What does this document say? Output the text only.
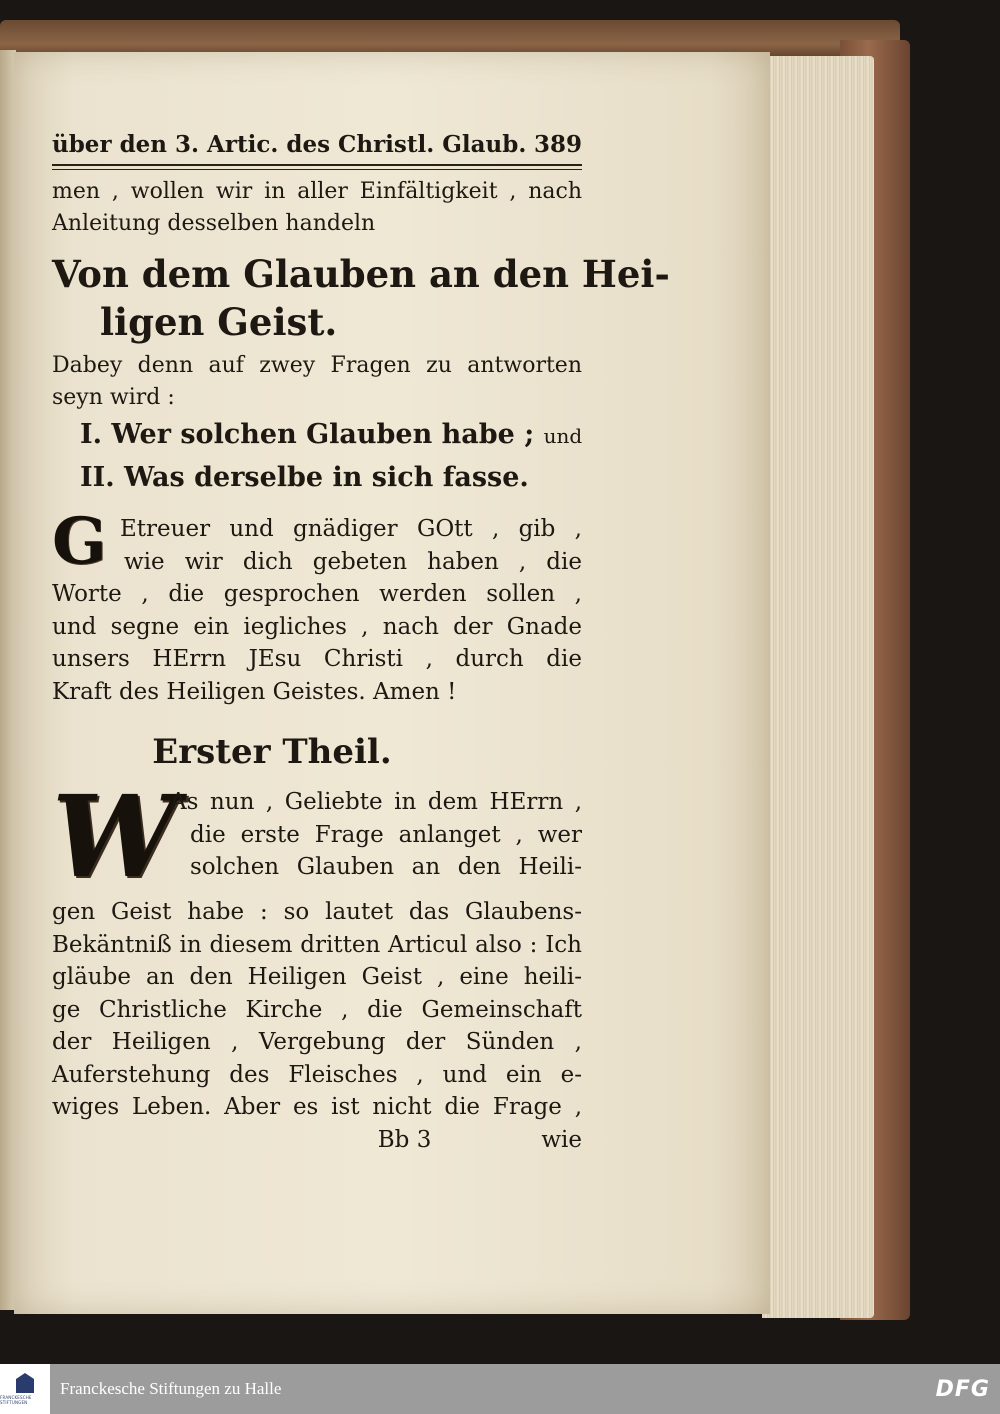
über den 3. Artic. des Christl. Glaub. 389
men , wollen wir in aller Einfältigkeit , nach
Anleitung desselben handeln
Von dem Glauben an den Hei-
ligen Geist.
Dabey denn auf zwey Fragen zu antworten
seyn wird :
I. Wer solchen Glauben habe ; und
II. Was derselbe in sich fasse.
G Etreuer und gnädiger GOtt , gib ,
wie wir dich gebeten haben , die
Worte , die gesprochen werden sollen ,
und segne ein iegliches , nach der Gnade
unsers HErrn JEsu Christi , durch die
Kraft des Heiligen Geistes. Amen !
Erster Theil.
W
As nun , Geliebte in dem HErrn ,
die erste Frage anlanget , wer
solchen Glauben an den Heili-
gen Geist habe : so lautet das Glaubens-
Bekäntniß in diesem dritten Articul also : Ich
gläube an den Heiligen Geist , eine heili-
ge Christliche Kirche , die Gemeinschaft
der Heiligen , Vergebung der Sünden ,
Auferstehung des Fleisches , und ein e-
wiges Leben. Aber es ist nicht die Frage ,
Bb 3	wie
FRANCKESCHE STIFTUNGEN
Franckesche Stiftungen zu Halle	DFG
